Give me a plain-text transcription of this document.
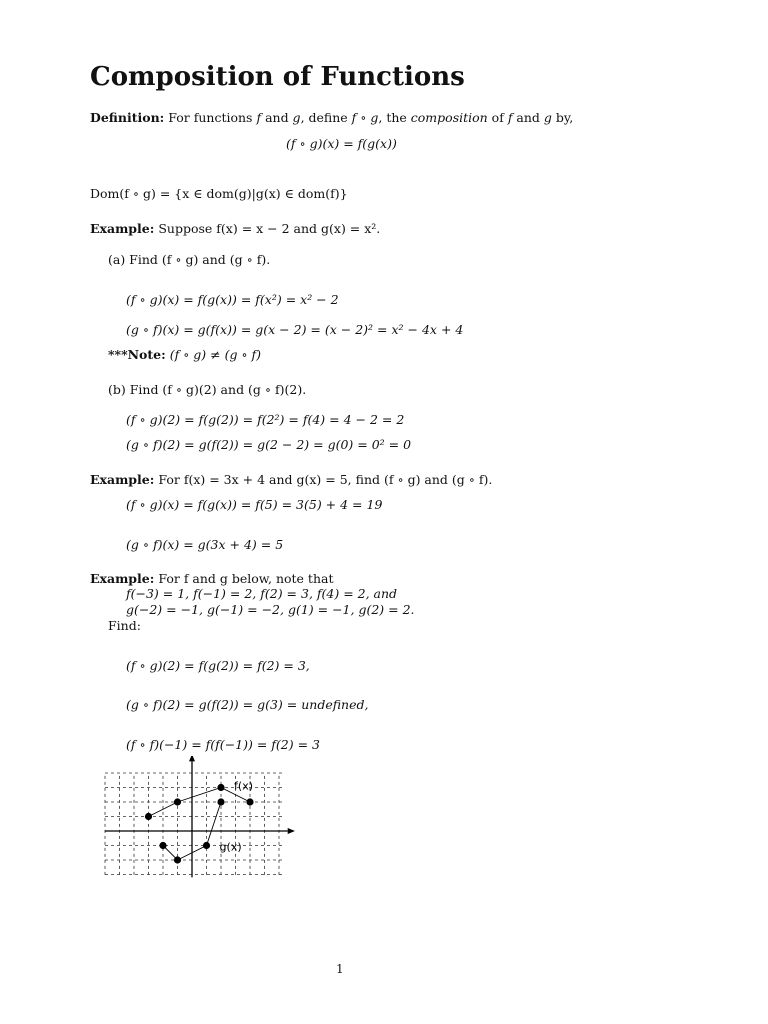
Composition of Functions
Definition: For functions f and g, define f ∘ g, the composition of f and g by,
(f ∘ g)(x) = f(g(x))
Dom(f ∘ g) = {x ∈ dom(g)|g(x) ∈ dom(f)}
Example: Suppose f(x) = x − 2 and g(x) = x².
(a) Find (f ∘ g) and (g ∘ f).
(f ∘ g)(x) = f(g(x)) = f(x²) = x² − 2
(g ∘ f)(x) = g(f(x)) = g(x − 2) = (x − 2)² = x² − 4x + 4
***Note: (f ∘ g) ≠ (g ∘ f)
(b) Find (f ∘ g)(2) and (g ∘ f)(2).
(f ∘ g)(2) = f(g(2)) = f(2²) = f(4) = 4 − 2 = 2
(g ∘ f)(2) = g(f(2)) = g(2 − 2) = g(0) = 0² = 0
Example: For f(x) = 3x + 4 and g(x) = 5, find (f ∘ g) and (g ∘ f).
(f ∘ g)(x) = f(g(x)) = f(5) = 3(5) + 4 = 19
(g ∘ f)(x) = g(3x + 4) = 5
Example: For f and g below, note that
f(−3) = 1, f(−1) = 2, f(2) = 3, f(4) = 2, and
g(−2) = −1, g(−1) = −2, g(1) = −1, g(2) = 2.
Find:
(f ∘ g)(2) = f(g(2)) = f(2) = 3,
(g ∘ f)(2) = g(f(2)) = g(3) = undefined,
(f ∘ f)(−1) = f(f(−1)) = f(2) = 3
f(x)
g(x)
1
